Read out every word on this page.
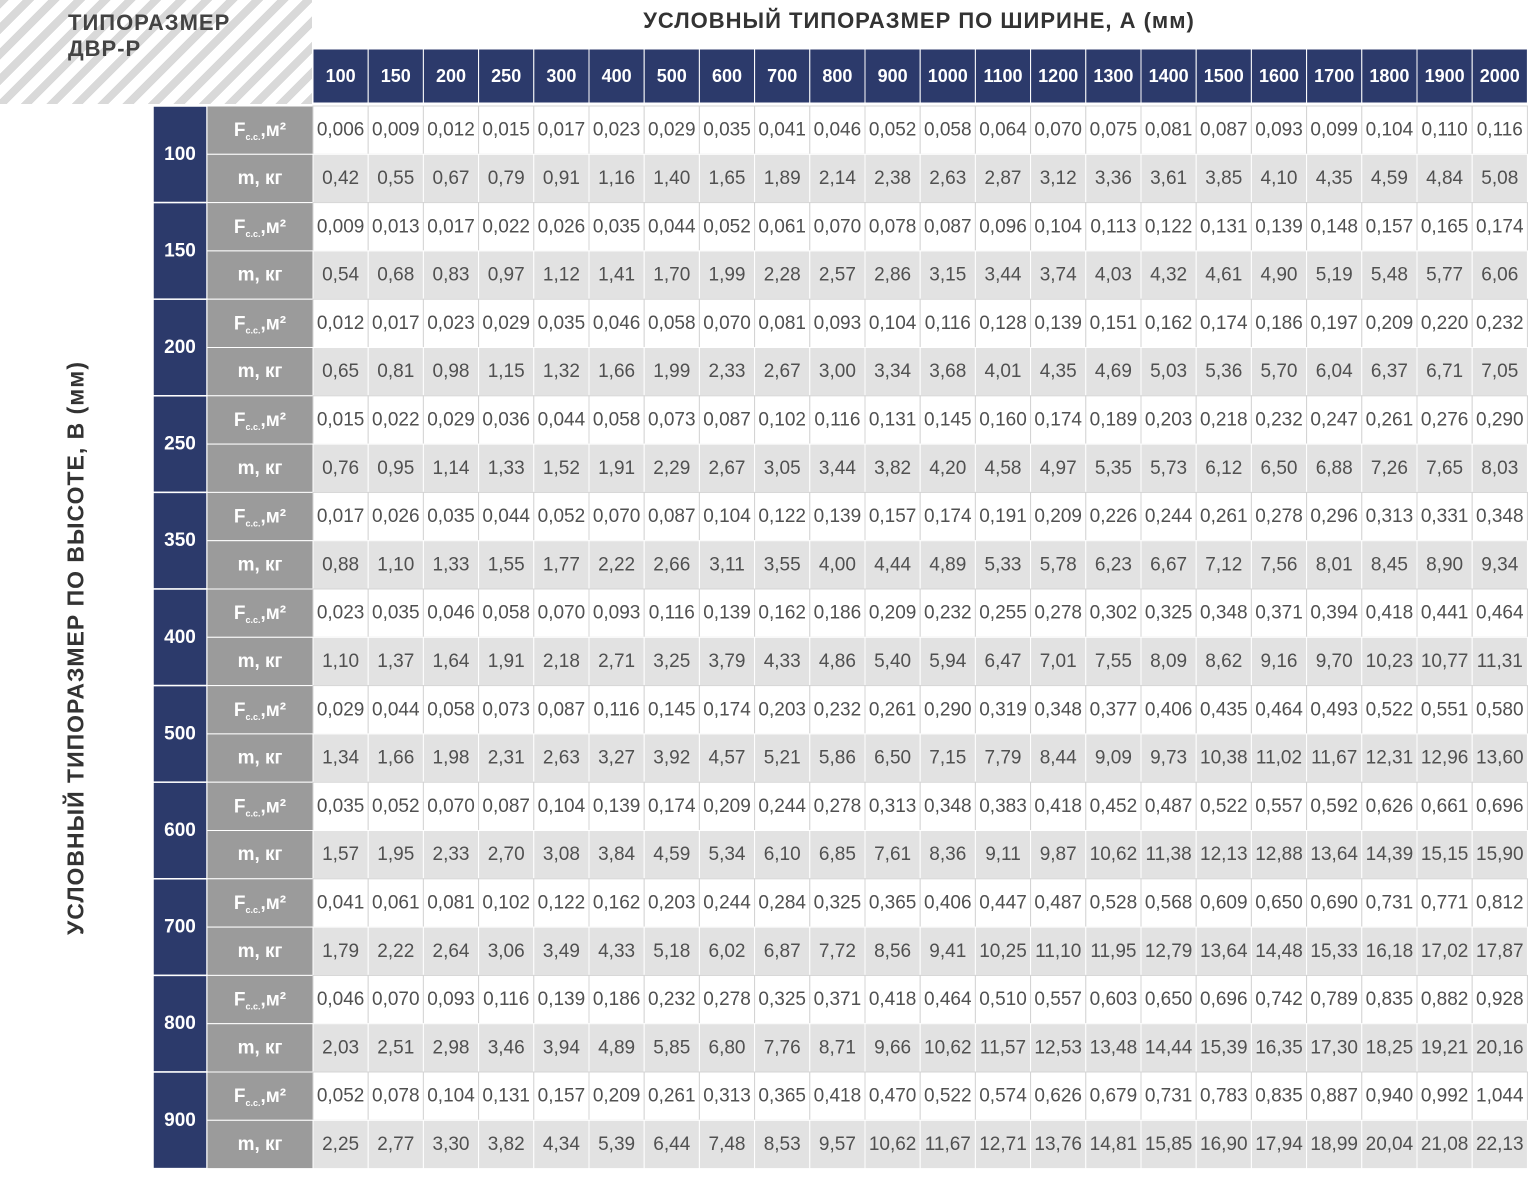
ТИПОРАЗМЕР
ДВР-Р
УСЛОВНЫЙ ТИПОРАЗМЕР ПО ШИРИНЕ, А (мм)
УСЛОВНЫЙ ТИПОРАЗМЕР ПО ВЫСОТЕ, В (мм)
100 150 200 250 300 400 500 600 700 800 900 1000 1100 1200 1300 1400 1500 1600 1700 1800 1900 2000
100
$F_{с.с.},м^2$
m, кг
0,006 0,009 0,012 0,015 0,017 0,023 0,029 0,035 0,041 0,046 0,052 0,058 0,064 0,070 0,075 0,081 0,087 0,093 0,099 0,104 0,110 0,116
0,42 0,55 0,67 0,79 0,91 1,16 1,40 1,65 1,89 2,14 2,38 2,63 2,87 3,12 3,36 3,61 3,85 4,10 4,35 4,59 4,84 5,08
150
$F_{с.с.},м^2$
m, кг
0,009 0,013 0,017 0,022 0,026 0,035 0,044 0,052 0,061 0,070 0,078 0,087 0,096 0,104 0,113 0,122 0,131 0,139 0,148 0,157 0,165 0,174
0,54 0,68 0,83 0,97 1,12 1,41 1,70 1,99 2,28 2,57 2,86 3,15 3,44 3,74 4,03 4,32 4,61 4,90 5,19 5,48 5,77 6,06
200
$F_{с.с.},м^2$
m, кг
0,012 0,017 0,023 0,029 0,035 0,046 0,058 0,070 0,081 0,093 0,104 0,116 0,128 0,139 0,151 0,162 0,174 0,186 0,197 0,209 0,220 0,232
0,65 0,81 0,98 1,15 1,32 1,66 1,99 2,33 2,67 3,00 3,34 3,68 4,01 4,35 4,69 5,03 5,36 5,70 6,04 6,37 6,71 7,05
250
$F_{с.с.},м^2$
m, кг
0,015 0,022 0,029 0,036 0,044 0,058 0,073 0,087 0,102 0,116 0,131 0,145 0,160 0,174 0,189 0,203 0,218 0,232 0,247 0,261 0,276 0,290
0,76 0,95 1,14 1,33 1,52 1,91 2,29 2,67 3,05 3,44 3,82 4,20 4,58 4,97 5,35 5,73 6,12 6,50 6,88 7,26 7,65 8,03
350
$F_{с.с.},м^2$
m, кг
0,017 0,026 0,035 0,044 0,052 0,070 0,087 0,104 0,122 0,139 0,157 0,174 0,191 0,209 0,226 0,244 0,261 0,278 0,296 0,313 0,331 0,348
0,88 1,10 1,33 1,55 1,77 2,22 2,66 3,11 3,55 4,00 4,44 4,89 5,33 5,78 6,23 6,67 7,12 7,56 8,01 8,45 8,90 9,34
400
$F_{с.с.},м^2$
m, кг
0,023 0,035 0,046 0,058 0,070 0,093 0,116 0,139 0,162 0,186 0,209 0,232 0,255 0,278 0,302 0,325 0,348 0,371 0,394 0,418 0,441 0,464
1,10 1,37 1,64 1,91 2,18 2,71 3,25 3,79 4,33 4,86 5,40 5,94 6,47 7,01 7,55 8,09 8,62 9,16 9,70 10,23 10,77 11,31
500
$F_{с.с.},м^2$
m, кг
0,029 0,044 0,058 0,073 0,087 0,116 0,145 0,174 0,203 0,232 0,261 0,290 0,319 0,348 0,377 0,406 0,435 0,464 0,493 0,522 0,551 0,580
1,34 1,66 1,98 2,31 2,63 3,27 3,92 4,57 5,21 5,86 6,50 7,15 7,79 8,44 9,09 9,73 10,38 11,02 11,67 12,31 12,96 13,60
600
$F_{с.с.},м^2$
m, кг
0,035 0,052 0,070 0,087 0,104 0,139 0,174 0,209 0,244 0,278 0,313 0,348 0,383 0,418 0,452 0,487 0,522 0,557 0,592 0,626 0,661 0,696
1,57 1,95 2,33 2,70 3,08 3,84 4,59 5,34 6,10 6,85 7,61 8,36 9,11 9,87 10,62 11,38 12,13 12,88 13,64 14,39 15,15 15,90
700
$F_{с.с.},м^2$
m, кг
0,041 0,061 0,081 0,102 0,122 0,162 0,203 0,244 0,284 0,325 0,365 0,406 0,447 0,487 0,528 0,568 0,609 0,650 0,690 0,731 0,771 0,812
1,79 2,22 2,64 3,06 3,49 4,33 5,18 6,02 6,87 7,72 8,56 9,41 10,25 11,10 11,95 12,79 13,64 14,48 15,33 16,18 17,02 17,87
800
$F_{с.с.},м^2$
m, кг
0,046 0,070 0,093 0,116 0,139 0,186 0,232 0,278 0,325 0,371 0,418 0,464 0,510 0,557 0,603 0,650 0,696 0,742 0,789 0,835 0,882 0,928
2,03 2,51 2,98 3,46 3,94 4,89 5,85 6,80 7,76 8,71 9,66 10,62 11,57 12,53 13,48 14,44 15,39 16,35 17,30 18,25 19,21 20,16
900
$F_{с.с.},м^2$
m, кг
0,052 0,078 0,104 0,131 0,157 0,209 0,261 0,313 0,365 0,418 0,470 0,522 0,574 0,626 0,679 0,731 0,783 0,835 0,887 0,940 0,992 1,044
2,25 2,77 3,30 3,82 4,34 5,39 6,44 7,48 8,53 9,57 10,62 11,67 12,71 13,76 14,81 15,85 16,90 17,94 18,99 20,04 21,08 22,13
